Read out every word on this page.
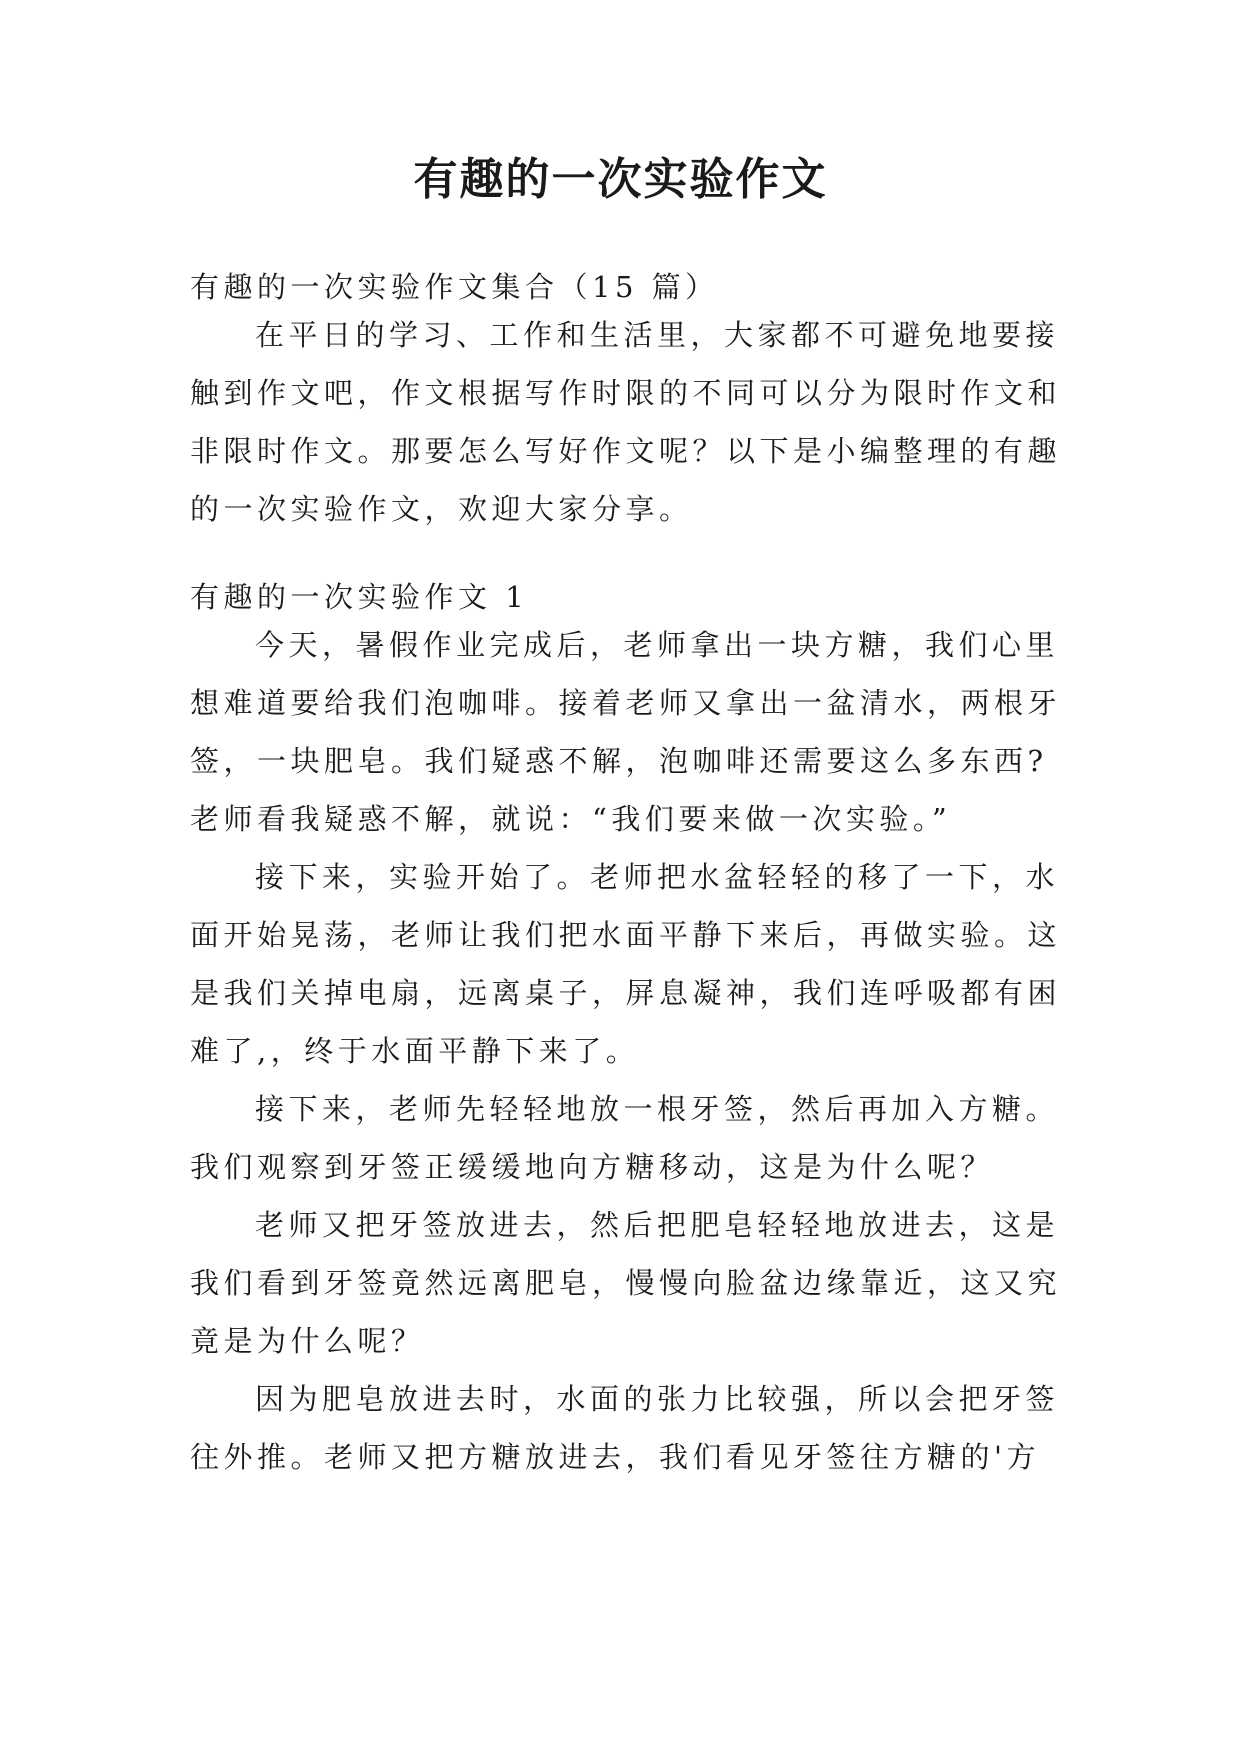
有趣的一次实验作文
有趣的一次实验作文集合（15 篇）
在平日的学习、工作和生活里，大家都不可避免地要接
触到作文吧，作文根据写作时限的不同可以分为限时作文和
非限时作文。那要怎么写好作文呢？以下是小编整理的有趣
的一次实验作文，欢迎大家分享。
有趣的一次实验作文 1
今天，暑假作业完成后，老师拿出一块方糖，我们心里
想难道要给我们泡咖啡。接着老师又拿出一盆清水，两根牙
签，一块肥皂。我们疑惑不解，泡咖啡还需要这么多东西?
老师看我疑惑不解，就说：“我们要来做一次实验。”
接下来，实验开始了。老师把水盆轻轻的移了一下，水
面开始晃荡，老师让我们把水面平静下来后，再做实验。这
是我们关掉电扇，远离桌子，屏息凝神，我们连呼吸都有困
难了,，终于水面平静下来了。
接下来，老师先轻轻地放一根牙签，然后再加入方糖。
我们观察到牙签正缓缓地向方糖移动，这是为什么呢？
老师又把牙签放进去，然后把肥皂轻轻地放进去，这是
我们看到牙签竟然远离肥皂，慢慢向脸盆边缘靠近，这又究
竟是为什么呢？
因为肥皂放进去时，水面的张力比较强，所以会把牙签
往外推。老师又把方糖放进去，我们看见牙签往方糖的'方
